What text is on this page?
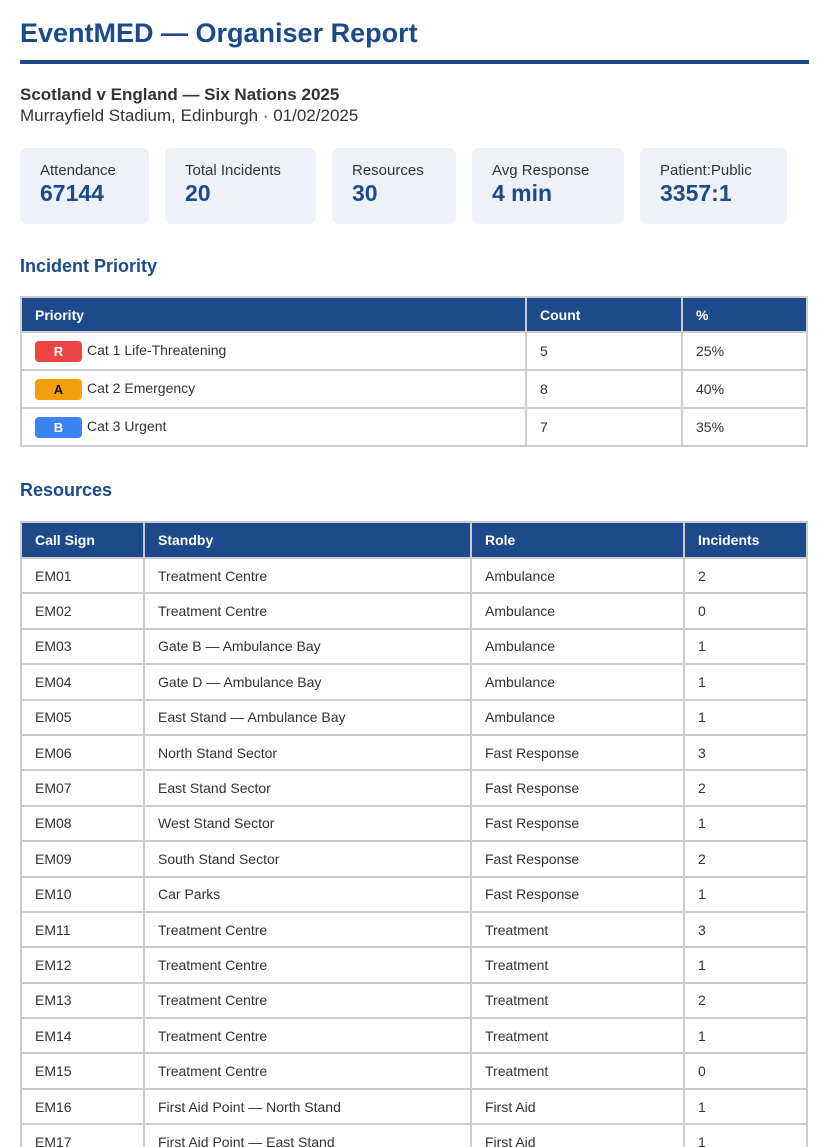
EventMED — Organiser Report
Scotland v England — Six Nations 2025
Murrayfield Stadium, Edinburgh · 01/02/2025
Attendance
67144
Total Incidents
20
Resources
30
Avg Response
4 min
Patient:Public
3357:1
Incident Priority
Priority	Count	%
R Cat 1 Life-Threatening	5	25%
A Cat 2 Emergency	8	40%
B Cat 3 Urgent	7	35%
Resources
Call Sign	Standby	Role	Incidents
EM01	Treatment Centre	Ambulance	2
EM02	Treatment Centre	Ambulance	0
EM03	Gate B — Ambulance Bay	Ambulance	1
EM04	Gate D — Ambulance Bay	Ambulance	1
EM05	East Stand — Ambulance Bay	Ambulance	1
EM06	North Stand Sector	Fast Response	3
EM07	East Stand Sector	Fast Response	2
EM08	West Stand Sector	Fast Response	1
EM09	South Stand Sector	Fast Response	2
EM10	Car Parks	Fast Response	1
EM11	Treatment Centre	Treatment	3
EM12	Treatment Centre	Treatment	1
EM13	Treatment Centre	Treatment	2
EM14	Treatment Centre	Treatment	1
EM15	Treatment Centre	Treatment	0
EM16	First Aid Point — North Stand	First Aid	1
EM17	First Aid Point — East Stand	First Aid	1
